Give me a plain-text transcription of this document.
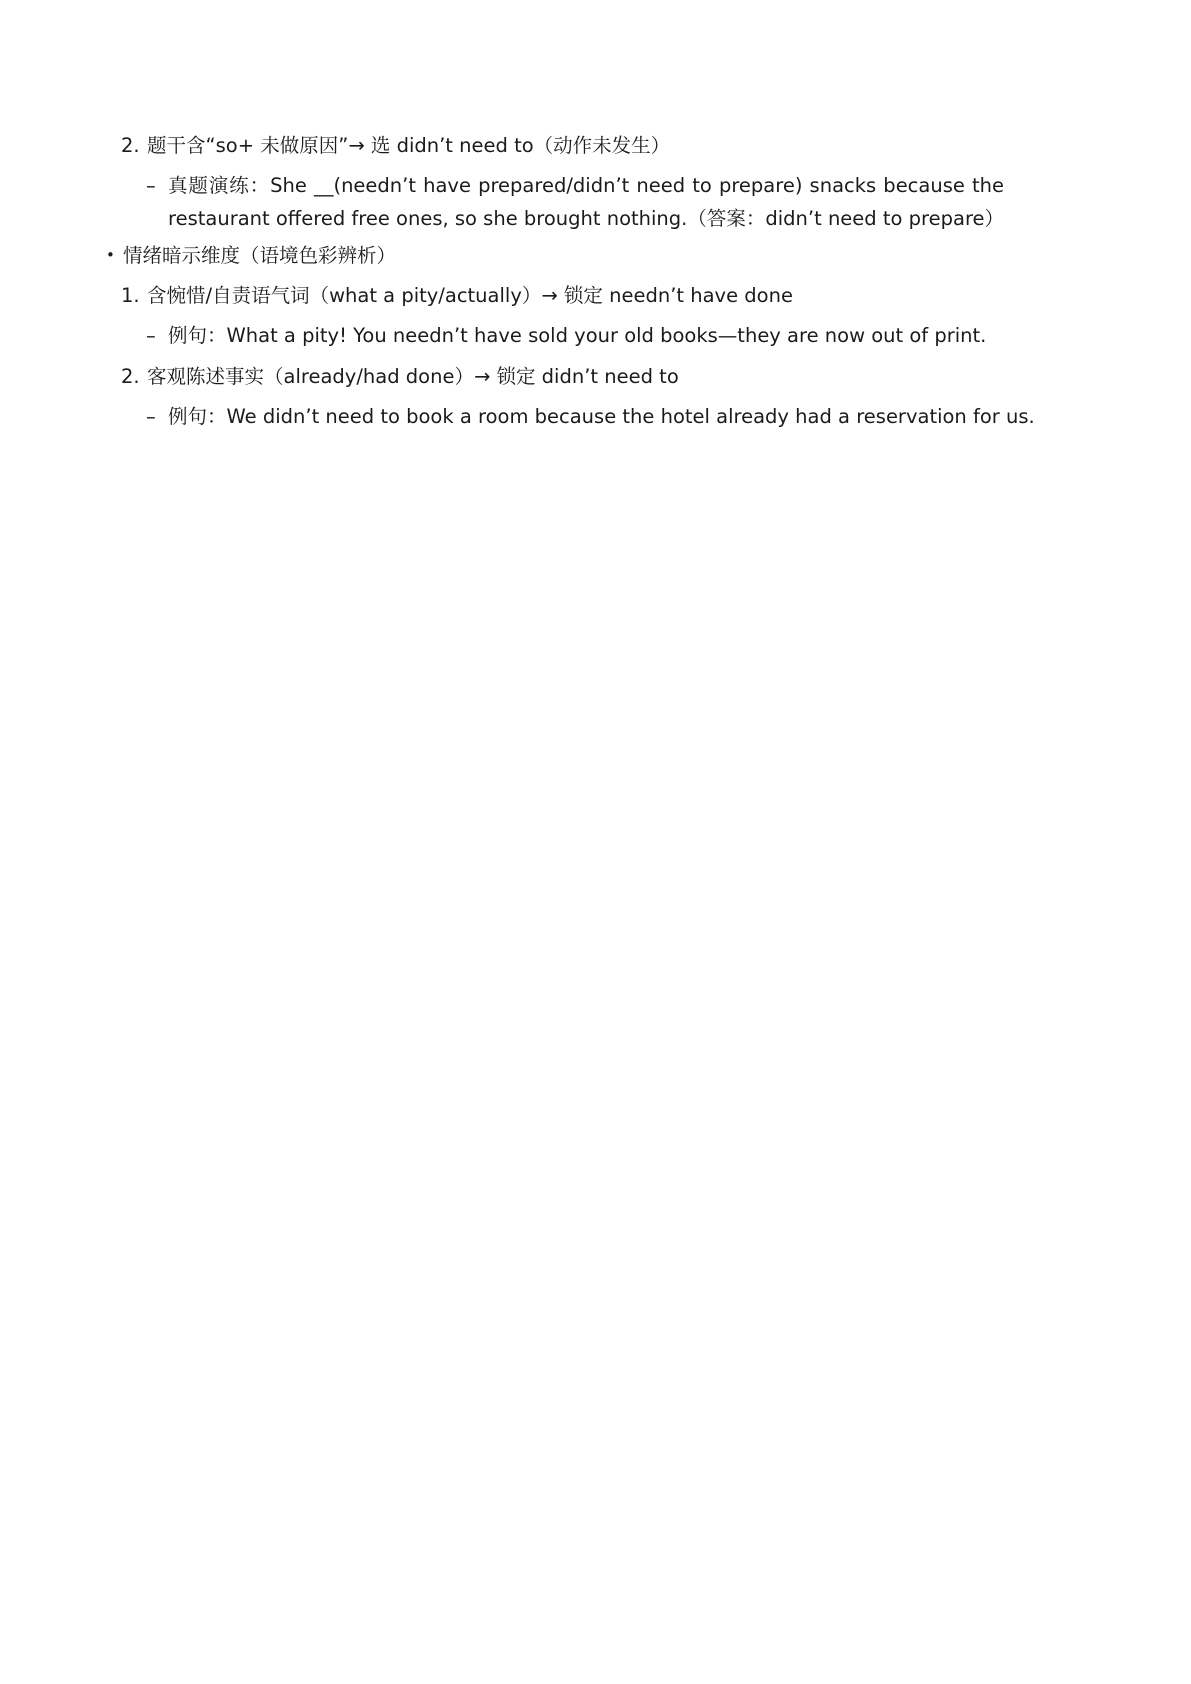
2. 题干含“so+ 未做原因”→ 选 didn’t need to（动作未发生）
– 真题演练：She __(needn’t have prepared/didn’t need to prepare) snacks because the restaurant offered free ones, so she brought nothing.（答案：didn’t need to prepare）
• 情绪暗示维度（语境色彩辨析）
1. 含惋惜/自责语气词（what a pity/actually）→ 锁定 needn’t have done
– 例句：What a pity! You needn’t have sold your old books—they are now out of print.
2. 客观陈述事实（already/had done）→ 锁定 didn’t need to
– 例句：We didn’t need to book a room because the hotel already had a reservation for us.
